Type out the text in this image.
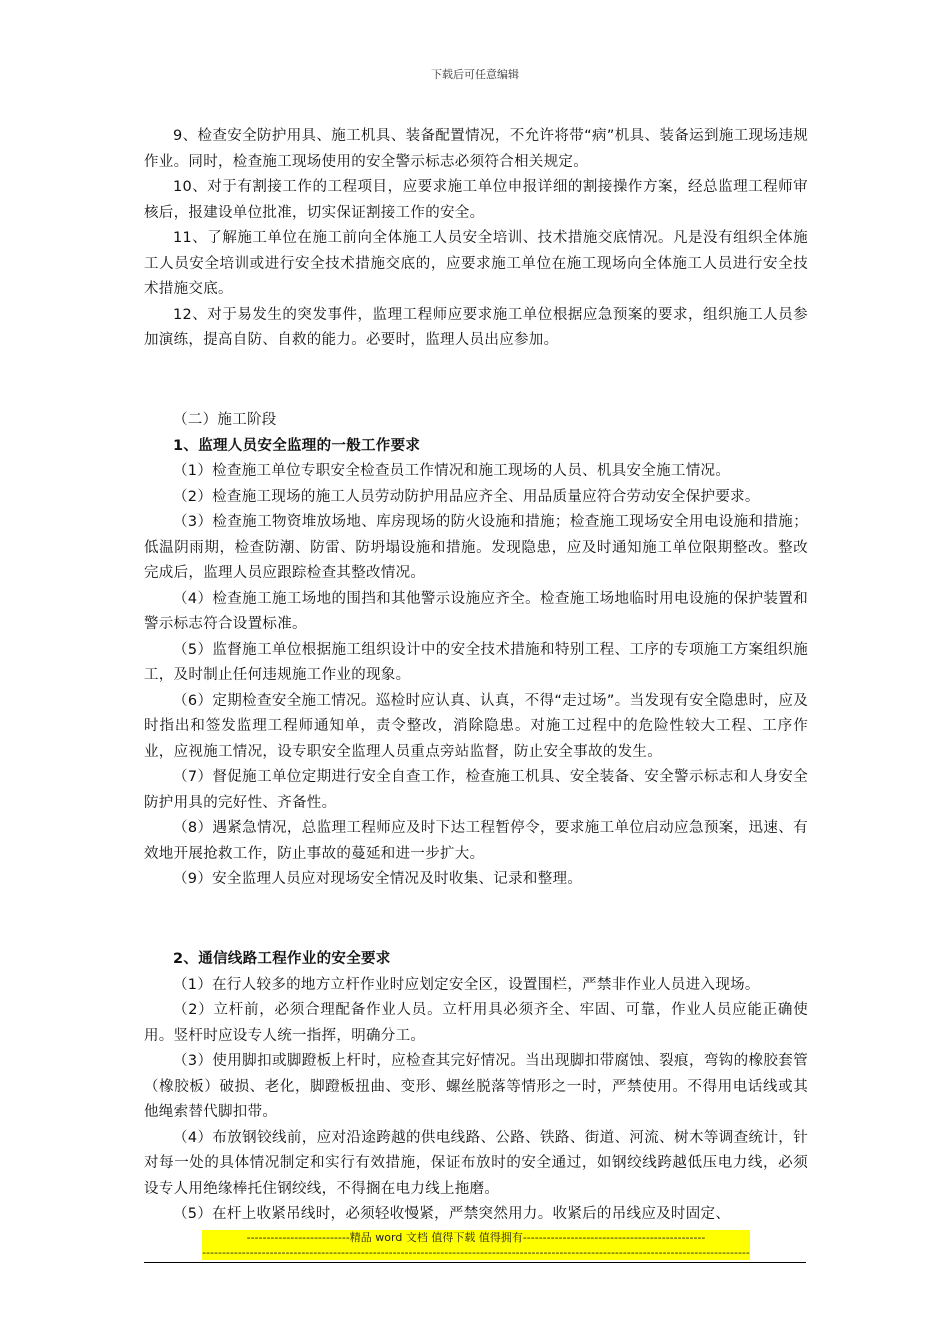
下载后可任意编辑

9、检查安全防护用具、施工机具、装备配置情况，不允许将带“病”机具、装备运到施工现场违规作业。同时，检查施工现场使用的安全警示标志必须符合相关规定。

10、对于有割接工作的工程项目，应要求施工单位申报详细的割接操作方案，经总监理工程师审核后，报建设单位批准，切实保证割接工作的安全。

11、了解施工单位在施工前向全体施工人员安全培训、技术措施交底情况。凡是没有组织全体施工人员安全培训或进行安全技术措施交底的，应要求施工单位在施工现场向全体施工人员进行安全技术措施交底。

12、对于易发生的突发事件，监理工程师应要求施工单位根据应急预案的要求，组织施工人员参加演练，提高自防、自救的能力。必要时，监理人员出应参加。

（二）施工阶段

1、监理人员安全监理的一般工作要求

（1）检查施工单位专职安全检查员工作情况和施工现场的人员、机具安全施工情况。

（2）检查施工现场的施工人员劳动防护用品应齐全、用品质量应符合劳动安全保护要求。

（3）检查施工物资堆放场地、库房现场的防火设施和措施；检查施工现场安全用电设施和措施；低温阴雨期，检查防潮、防雷、防坍塌设施和措施。发现隐患，应及时通知施工单位限期整改。整改完成后，监理人员应跟踪检查其整改情况。

（4）检查施工施工场地的围挡和其他警示设施应齐全。检查施工场地临时用电设施的保护装置和警示标志符合设置标准。

（5）监督施工单位根据施工组织设计中的安全技术措施和特别工程、工序的专项施工方案组织施工，及时制止任何违规施工作业的现象。

（6）定期检查安全施工情况。巡检时应认真、认真，不得“走过场”。当发现有安全隐患时，应及时指出和签发监理工程师通知单，责令整改，消除隐患。对施工过程中的危险性较大工程、工序作业，应视施工情况，设专职安全监理人员重点旁站监督，防止安全事故的发生。

（7）督促施工单位定期进行安全自查工作，检查施工机具、安全装备、安全警示标志和人身安全防护用具的完好性、齐备性。

（8）遇紧急情况，总监理工程师应及时下达工程暂停令，要求施工单位启动应急预案，迅速、有效地开展抢救工作，防止事故的蔓延和进一步扩大。

（9）安全监理人员应对现场安全情况及时收集、记录和整理。

2、通信线路工程作业的安全要求

（1）在行人较多的地方立杆作业时应划定安全区，设置围栏，严禁非作业人员进入现场。

（2）立杆前，必须合理配备作业人员。立杆用具必须齐全、牢固、可靠，作业人员应能正确使用。竖杆时应设专人统一指挥，明确分工。

（3）使用脚扣或脚蹬板上杆时，应检查其完好情况。当出现脚扣带腐蚀、裂痕，弯钩的橡胶套管（橡胶板）破损、老化，脚蹬板扭曲、变形、螺丝脱落等情形之一时，严禁使用。不得用电话线或其他绳索替代脚扣带。

（4）布放钢铰线前，应对沿途跨越的供电线路、公路、铁路、街道、河流、树木等调查统计，针对每一处的具体情况制定和实行有效措施，保证布放时的安全通过，如钢绞线跨越低压电力线，必须设专人用绝缘棒托住钢绞线，不得搁在电力线上拖磨。

（5）在杆上收紧吊线时，必须轻收慢紧，严禁突然用力。收紧后的吊线应及时固定、

--------------------------精品 word 文档 值得下载 值得拥有----------------------------------------------
------------------------------------------------------------------------------------------------------------------------------------------
